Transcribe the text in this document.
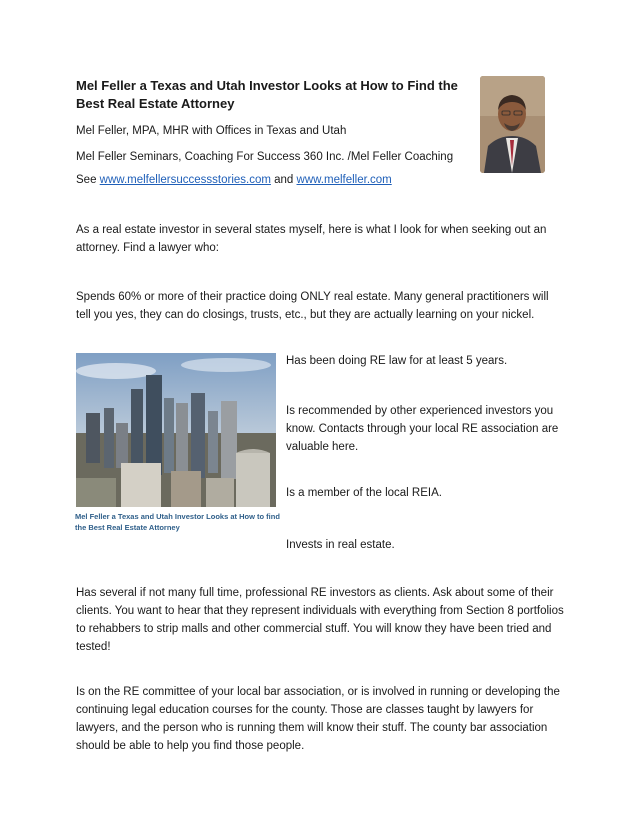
Mel Feller a Texas and Utah Investor Looks at How to Find the Best Real Estate Attorney

Mel Feller, MPA, MHR with Offices in Texas and Utah

Mel Feller Seminars, Coaching For Success 360 Inc. /Mel Feller Coaching

See www.melfellersuccessstories.com and www.melfeller.com

As a real estate investor in several states myself, here is what I look for when seeking out an attorney. Find a lawyer who:

Spends 60% or more of their practice doing ONLY real estate. Many general practitioners will tell you yes, they can do closings, trusts, etc., but they are actually learning on your nickel.

Mel Feller a Texas and Utah Investor Looks at How to find the Best Real Estate Attorney

Has been doing RE law for at least 5 years.

Is recommended by other experienced investors you know. Contacts through your local RE association are valuable here.

Is a member of the local REIA.

Invests in real estate.

Has several if not many full time, professional RE investors as clients. Ask about some of their clients. You want to hear that they represent individuals with everything from Section 8 portfolios to rehabbers to strip malls and other commercial stuff. You will know they have been tried and tested!

Is on the RE committee of your local bar association, or is involved in running or developing the continuing legal education courses for the county. Those are classes taught by lawyers for lawyers, and the person who is running them will know their stuff. The county bar association should be able to help you find those people.
